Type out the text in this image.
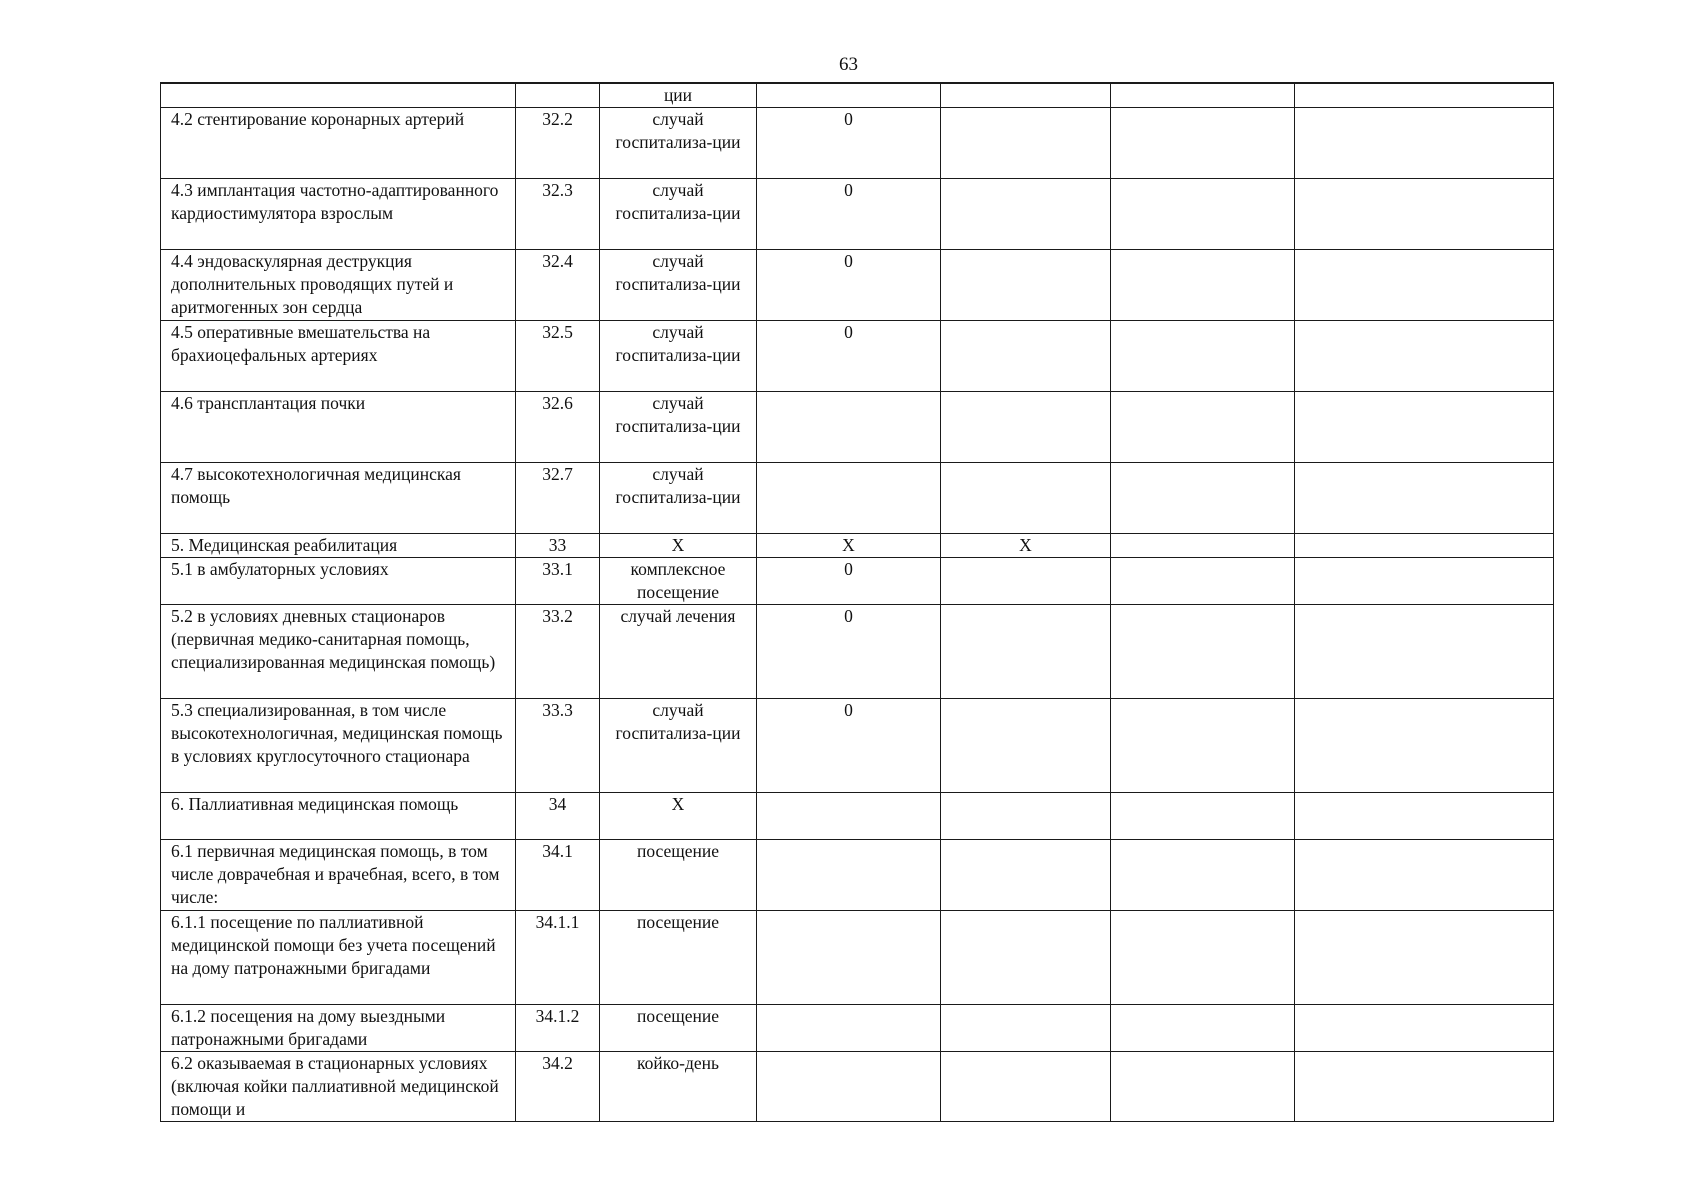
63

		ции				
4.2 стентирование коронарных артерий	32.2	случай госпитализа-ции	0			
4.3 имплантация частотно-адаптированного кардиостимулятора взрослым	32.3	случай госпитализа-ции	0			
4.4 эндоваскулярная деструкция дополнительных проводящих путей и аритмогенных зон сердца	32.4	случай госпитализа-ции	0			
4.5 оперативные вмешательства на брахиоцефальных артериях	32.5	случай госпитализа-ции	0			
4.6 трансплантация почки	32.6	случай госпитализа-ции				
4.7 высокотехнологичная медицинская помощь	32.7	случай госпитализа-ции				
5. Медицинская реабилитация	33	X	X	X		
5.1 в амбулаторных условиях	33.1	комплексное посещение	0			
5.2 в условиях дневных стационаров (первичная медико-санитарная помощь, специализированная медицинская помощь)	33.2	случай лечения	0			
5.3 специализированная, в том числе высокотехнологичная, медицинская помощь в условиях круглосуточного стационара	33.3	случай госпитализа-ции	0			
6. Паллиативная медицинская помощь	34	X				
6.1 первичная медицинская помощь, в том числе доврачебная и врачебная, всего, в том числе:	34.1	посещение				
6.1.1 посещение по паллиативной медицинской помощи без учета посещений на дому патронажными бригадами	34.1.1	посещение				
6.1.2 посещения на дому выездными патронажными бригадами	34.1.2	посещение				
6.2 оказываемая в стационарных условиях (включая койки паллиативной медицинской помощи и	34.2	койко-день				
